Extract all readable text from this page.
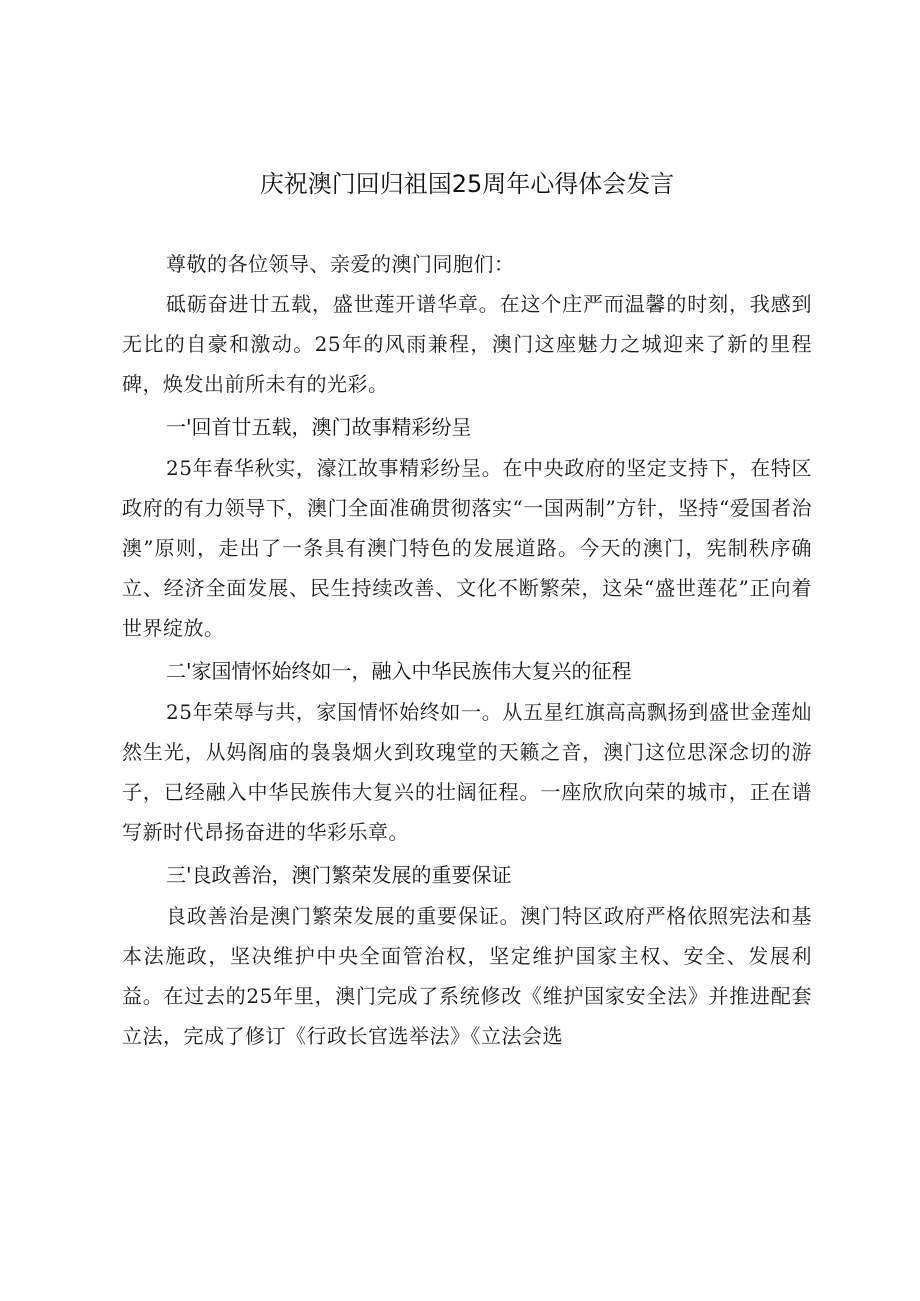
庆祝澳门回归祖国25周年心得体会发言

尊敬的各位领导、亲爱的澳门同胞们：

砥砺奋进廿五载，盛世莲开谱华章。在这个庄严而温馨的时刻，我感到无比的自豪和激动。25年的风雨兼程，澳门这座魅力之城迎来了新的里程碑，焕发出前所未有的光彩。

一'回首廿五载，澳门故事精彩纷呈

25年春华秋实，濠江故事精彩纷呈。在中央政府的坚定支持下，在特区政府的有力领导下，澳门全面准确贯彻落实“一国两制”方针，坚持“爱国者治澳”原则，走出了一条具有澳门特色的发展道路。今天的澳门，宪制秩序确立、经济全面发展、民生持续改善、文化不断繁荣，这朵“盛世莲花”正向着世界绽放。

二'家国情怀始终如一，融入中华民族伟大复兴的征程

25年荣辱与共，家国情怀始终如一。从五星红旗高高飘扬到盛世金莲灿然生光，从妈阁庙的袅袅烟火到玫瑰堂的天籁之音，澳门这位思深念切的游子，已经融入中华民族伟大复兴的壮阔征程。一座欣欣向荣的城市，正在谱写新时代昂扬奋进的华彩乐章。

三'良政善治，澳门繁荣发展的重要保证

良政善治是澳门繁荣发展的重要保证。澳门特区政府严格依照宪法和基本法施政，坚决维护中央全面管治权，坚定维护国家主权、安全、发展利益。在过去的25年里，澳门完成了系统修改《维护国家安全法》并推进配套立法，完成了修订《行政长官选举法》《立法会选
